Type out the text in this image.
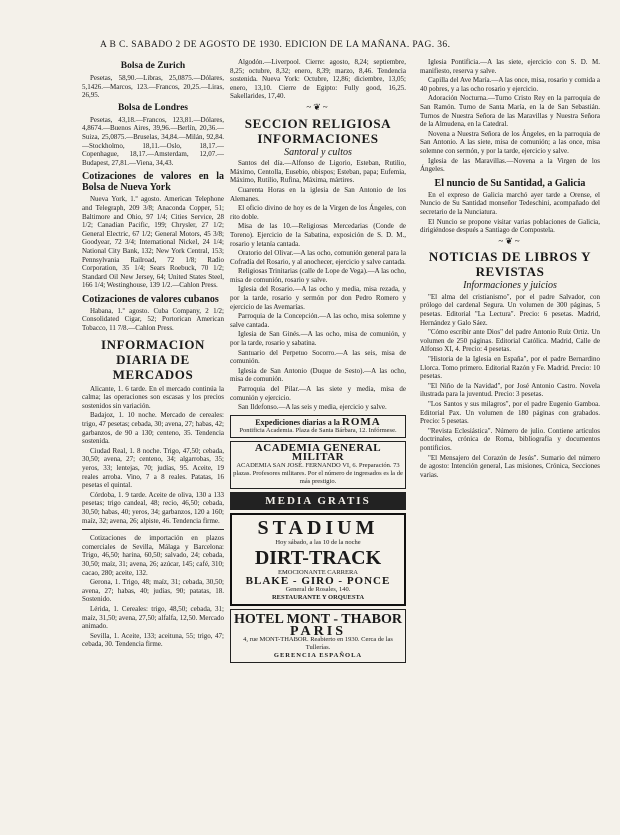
A B C. SABADO 2 DE AGOSTO DE 1930. EDICION DE LA MAÑANA. PAG. 36.
Bolsa de Zurich
Pesetas, 58,90.—Libras, 25,0875.—Dólares, 5,1426.—Marcos, 123.—Francos, 20,25.—Liras, 26,95.
Bolsa de Londres
Pesetas, 43,18.—Francos, 123,81.—Dólares, 4,8674.—Buenos Aires, 39,96.—Berlín, 20,36.—Suiza, 25,0875.—Bruselas, 34,84.—Milán, 92,84.—Stockholmo, 18,11.—Oslo, 18,17.—Copenhague, 18,17.—Amsterdam, 12,07.—Budapest, 27,81.—Viena, 34,43.
Cotizaciones de valores en la Bolsa de Nueva York
Nueva York, 1.º agosto. American Telephone and Telegraph, 209 3/8; Anaconda Copper, 51; Baltimore and Ohio, 97 1/4; Cities Service, 28 1/2; Canadian Pacific, 199; Chrysler, 27 1/2; General Electric, 67 1/2; General Motors, 45 3/8; Goodyear, 72 3/4; International Nickel, 24 1/4; National City Bank, 132; New York Central, 153; Pennsylvania Railroad, 72 1/8; Radio Corporation, 35 1/4; Sears Roebuck, 70 1/2; Standard Oil New Jersey, 64; United States Steel, 166 1/4; Westinghouse, 139 1/2.—Cahlon Press.
Cotizaciones de valores cubanos
Habana, 1.º agosto. Cuba Company, 2 1/2; Consolidated Cigar, 52; Portorican American Tobacco, 11 7/8.—Cahlon Press.
INFORMACION DIARIA DE MERCADOS
Alicante, 1. 6 tarde. En el mercado continúa la calma; las operaciones son escasas y los precios sostenidos sin variación.
Badajoz, 1. 10 noche. Mercado de cereales: trigo, 47 pesetas; cebada, 30; avena, 27; habas, 42; garbanzos, de 90 a 130; centeno, 35. Tendencia sostenida.
Ciudad Real, 1. 8 noche. Trigo, 47,50; cebada, 30,50; avena, 27; centeno, 34; algarrobas, 35; yeros, 33; lentejas, 70; judías, 95. Aceite, 19 reales arroba. Vino, 7 a 8 reales. Patatas, 16 pesetas el quintal.
Córdoba, 1. 9 tarde. Aceite de oliva, 130 a 133 pesetas; trigo candeal, 48; recio, 46,50; cebada, 30,50; habas, 40; yeros, 34; garbanzos, 120 a 160; maíz, 32; avena, 26; alpiste, 46. Tendencia firme.
Cotizaciones de importación en plazos comerciales de Sevilla, Málaga y Barcelona: Trigo, 46,50; harina, 60,50; salvado, 24; cebada, 30,50; maíz, 31; avena, 26; azúcar, 145; café, 310; cacao, 280; aceite, 132.
Gerona, 1. Trigo, 48; maíz, 31; cebada, 30,50; avena, 27; habas, 40; judías, 90; patatas, 18. Sostenido.
Lérida, 1. Cereales: trigo, 48,50; cebada, 31; maíz, 31,50; avena, 27,50; alfalfa, 12,50. Mercado animado.
Sevilla, 1. Aceite, 133; aceituna, 55; trigo, 47; cebada, 30. Tendencia firme.
Algodón.—Liverpool. Cierre: agosto, 8,24; septiembre, 8,25; octubre, 8,32; enero, 8,39; marzo, 8,46. Tendencia sostenida. Nueva York: Octubre, 12,86; diciembre, 13,05; enero, 13,10. Cierre de Egipto: Fully good, 16,25. Sakellarides, 17,40.
~❦~
SECCION RELIGIOSA INFORMACIONES
Santoral y cultos
Santos del día.—Alfonso de Ligorio, Esteban, Rutilio, Máximo, Centolla, Eusebio, obispos; Esteban, papa; Eufemia, Máximo, Rutilio, Rufina, Máxima, mártires.
Cuarenta Horas en la iglesia de San Antonio de los Alemanes.
El oficio divino de hoy es de la Virgen de los Ángeles, con rito doble.
Misa de las 10.—Religiosas Mercedarias (Conde de Toreno). Ejercicio de la Sabatina, exposición de S. D. M., rosario y letanía cantada.
Oratorio del Olivar.—A las ocho, comunión general para la Cofradía del Rosario, y al anochecer, ejercicio y salve cantada.
Religiosas Trinitarias (calle de Lope de Vega).—A las ocho, misa de comunión, rosario y salve.
Iglesia del Rosario.—A las ocho y media, misa rezada, y por la tarde, rosario y sermón por don Pedro Romero y ejercicio de las Avemarías.
Parroquia de la Concepción.—A las ocho, misa solemne y salve cantada.
Iglesia de San Ginés.—A las ocho, misa de comunión, y por la tarde, rosario y sabatina.
Santuario del Perpetuo Socorro.—A las seis, misa de comunión.
Iglesia de San Antonio (Duque de Sesto).—A las ocho, misa de comunión.
Parroquia del Pilar.—A las siete y media, misa de comunión y ejercicio.
San Ildefonso.—A las seis y media, ejercicio y salve.
Expediciones diarias a la ROMA
Pontificia Academia. Plaza de Santa Bárbara, 12. Infórmese.
ACADEMIA GENERAL MILITAR
ACADEMIA SAN JOSÉ. FERNANDO VI, 6. Preparación. 73 plazas. Profesores militares. Por el número de ingresados es la de más prestigio.
MEDIA GRATIS
STADIUM
Hoy sábado, a las 10 de la noche
DIRT-TRACK
EMOCIONANTE CARRERA
BLAKE - GIRO - PONCE
General de Rosales, 140.
RESTAURANTE Y ORQUESTA
HOTEL MONT - THABOR
PARIS
4, rue MONT-THABOR. Reabierto en 1930. Cerca de las Tullerías.
GERENCIA ESPAÑOLA
Iglesia Pontificia.—A las siete, ejercicio con S. D. M. manifiesto, reserva y salve.
Capilla del Ave María.—A las once, misa, rosario y comida a 40 pobres, y a las ocho rosario y ejercicio.
Adoración Nocturna.—Turno Cristo Rey en la parroquia de San Ramón. Turno de Santa María, en la de San Sebastián. Turnos de Nuestra Señora de las Maravillas y Nuestra Señora de la Almudena, en la Catedral.
Novena a Nuestra Señora de los Ángeles, en la parroquia de San Antonio. A las siete, misa de comunión; a las once, misa solemne con sermón, y por la tarde, ejercicio y salve.
Iglesia de las Maravillas.—Novena a la Virgen de los Ángeles.
El nuncio de Su Santidad, a Galicia
En el expreso de Galicia marchó ayer tarde a Orense, el Nuncio de Su Santidad monseñor Tedeschini, acompañado del secretario de la Nunciatura.
El Nuncio se propone visitar varias poblaciones de Galicia, dirigiéndose después a Santiago de Compostela.
~❦~
NOTICIAS DE LIBROS Y REVISTAS
Informaciones y juicios
"El alma del cristianismo", por el padre Salvador, con prólogo del cardenal Segura. Un volumen de 300 páginas, 5 pesetas. Editorial "La Lectura". Precio: 6 pesetas. Madrid, Hernández y Galo Sáez.
"Cómo escribir ante Dios" del padre Antonio Ruiz Ortiz. Un volumen de 250 páginas. Editorial Católica. Madrid, Calle de Alfonso XI, 4. Precio: 4 pesetas.
"Historia de la Iglesia en España", por el padre Bernardino Llorca. Tomo primero. Editorial Razón y Fe. Madrid. Precio: 10 pesetas.
"El Niño de la Navidad", por José Antonio Castro. Novela ilustrada para la juventud. Precio: 3 pesetas.
"Los Santos y sus milagros", por el padre Eugenio Gamboa. Editorial Pax. Un volumen de 180 páginas con grabados. Precio: 5 pesetas.
"Revista Eclesiástica". Número de julio. Contiene artículos doctrinales, crónica de Roma, bibliografía y documentos pontificios.
"El Mensajero del Corazón de Jesús". Sumario del número de agosto: Intención general, Las misiones, Crónica, Secciones varias.
